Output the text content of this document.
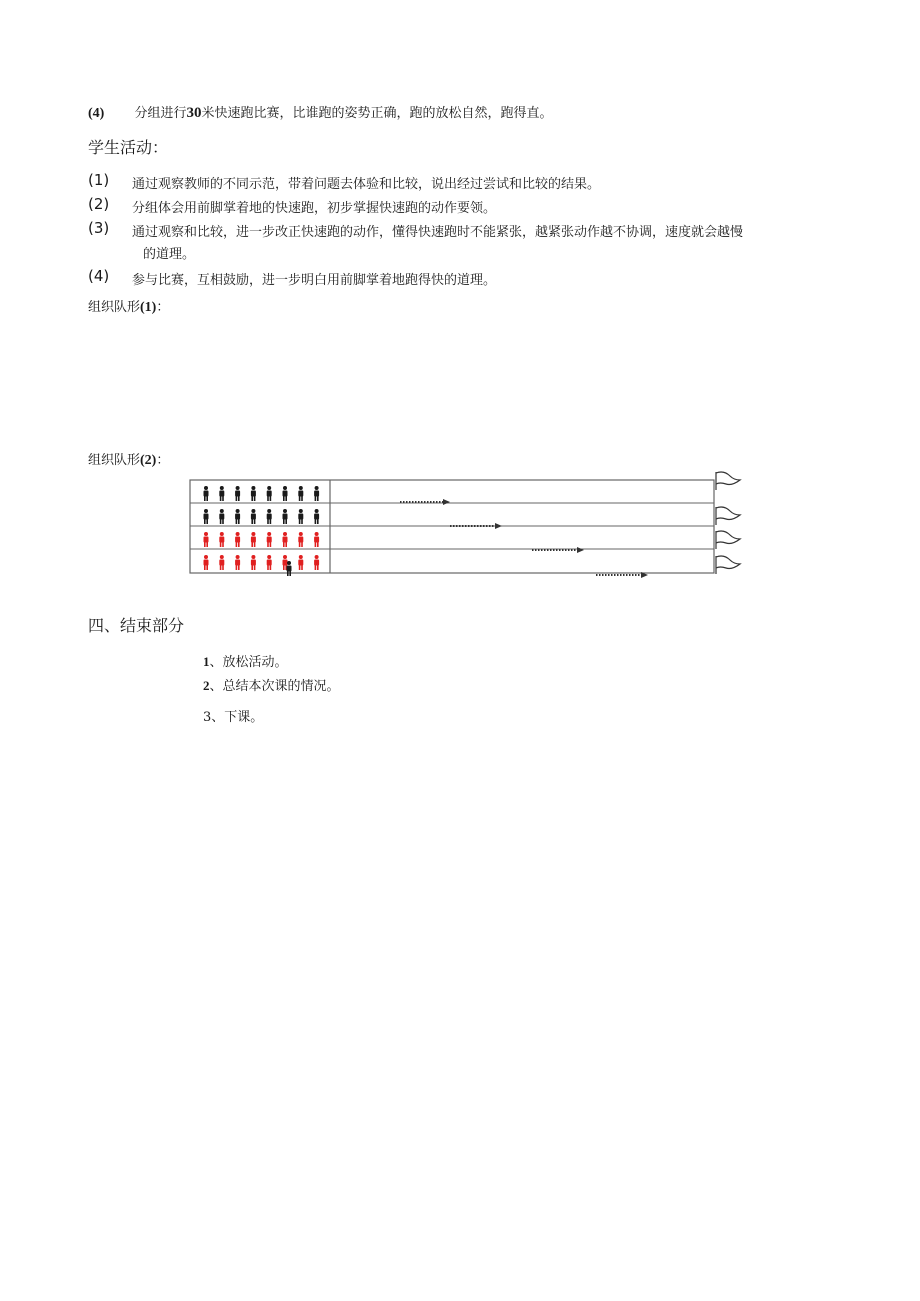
(4) 分组进行30米快速跑比赛，比谁跑的姿势正确，跑的放松自然，跑得直。
学生活动：
(1) 通过观察教师的不同示范，带着问题去体验和比较，说出经过尝试和比较的结果。
(2) 分组体会用前脚掌着地的快速跑，初步掌握快速跑的动作要领。
(3) 通过观察和比较，进一步改正快速跑的动作，懂得快速跑时不能紧张，越紧张动作越不协调，速度就会越慢
的道理。
(4) 参与比赛，互相鼓励，进一步明白用前脚掌着地跑得快的道理。
组织队形(1)：
组织队形(2)：
四、结束部分
1、放松活动。
2、总结本次课的情况。
3、下课。
